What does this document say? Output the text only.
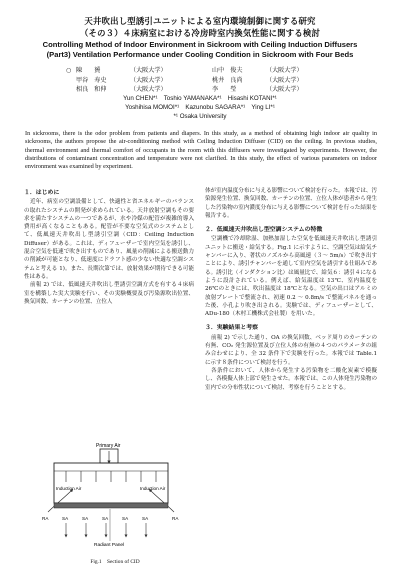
天井吹出し型誘引ユニットによる室内環境制御に関する研究
（その３）４床病室における冷房時室内換気性能に関する検討
Controlling Method of Indoor Environment in Sickroom with Ceiling Induction Diffusers
(Part3) Ventilation Performance under Cooling Condition in Sickroom with Four Beds
○ 陳　　贇	（大阪大学）	山中　俊夫	（大阪大学）
甲谷　寿史	（大阪大学）	桃井　良尚	（大阪大学）
相良　和伸	（大阪大学）	李　　瑩	（大阪大学）
Yun CHEN*¹　Toshio YAMANAKA*¹　Hisashi KOTANI*¹
Yoshihisa MOMOI*¹　Kazunobu SAGARA*¹　Ying LI*¹
*¹ Osaka University
In sickrooms, there is the odor problem from patients and diapers. In this study, as a method of obtaining high indoor air quality in sickrooms, the authors propose the air-conditioning method with Ceiling Induction Diffuser (CID) on the ceiling. In previous studies, thermal environment and thermal comfort of occupants in the room with this diffusers were investigated by experiments. However, the distributions of contaminant concentration and temperature were not clarified. In this study, the effect of various parameters on indoor environment was examined by experiment.
１．はじめに

近年、病室の空調設備として、快適性と省エネルギーのバランスの取れたシステムの開発が求められている。天井放射空調もその要求を満たすシステムの一つであるが、水や冷媒の配管が複雑的導入費用が高くなることもある。配管が不要な空気式のシステムとして、低風速天井吹出し型誘引空調（CID：Ceiling Induction Diffuser）がある。これは、ディフューザーで室内空気を誘引し、混合空気を低速で吹き出すものであり、風量の削減による搬送動力の削減が可能となり、低速度にドラフト感の少ない快適な空調システムと考える 1)。また、長期次第では、放射効果が期待できる可能性はある。

前報 2) では、低風速天井吹出し型誘引空調方式を有する４床病室を構築した実大実験を行い、その実験概要及び汚染源吹出位置、換気回数、カーテンの位置、立位人

体が室内温度分布に与える影響について検討を行った。本報では、汚染源発生位置、換気回数、カーテンの位置、立位人体が患者から発生した汚染物の室内濃度分布に与える影響について検討を行った結果を報告する。

２．低風速天井吹出し型空調システムの特徴

空調機で冷却除湿、加熱加湿した空気を低風速天井吹出し型誘引ユニットに搬送・給気する。Fig.1 に示すように、空調空気は給気チャンバーに入り、著状のノズルから高風速（３～ 5m/s）で吹き出すことにより、誘引チャンバーを通して室内空気を誘引する仕組みである。誘引比（インダクション比）は風量比で、給気６：誘引４になるように設計されている。例えば、給気温度は 13℃、室内温度を 26℃のときには、吹出温度は 18℃となる。空気の出口はアルミの放射プレートで整流され、初速 0.2 ～ 0.8m/s で整流パネルを通った後、小孔より吹き出される。実験では、ディフューザーとして、ADu-180（木村工機株式会社製）を用いた。

３．実験結果と考察

前報 2) で示した通り、OA の換気回数、ベッド周りのカーテンの有無、CO₂ 発生源位置及び立位人体の有無の４つのパラメータの組み合わせにより、全 32 条件下で実験を行った。本報では Table.1 に示す８条件について検討を行う。

各条件において、人体から発生する汚染物を二酸化炭素で模擬し、各模擬人体上部で発生させた。本報では、この人体発生汚染物の室内での分布性状について検討、考察を行うこととする。

Primary Air
Induction Air	Induction Air
RA	RA
SA	SA	SA	SA	SA
Radiant Panel
Fig.1　Section of CID
